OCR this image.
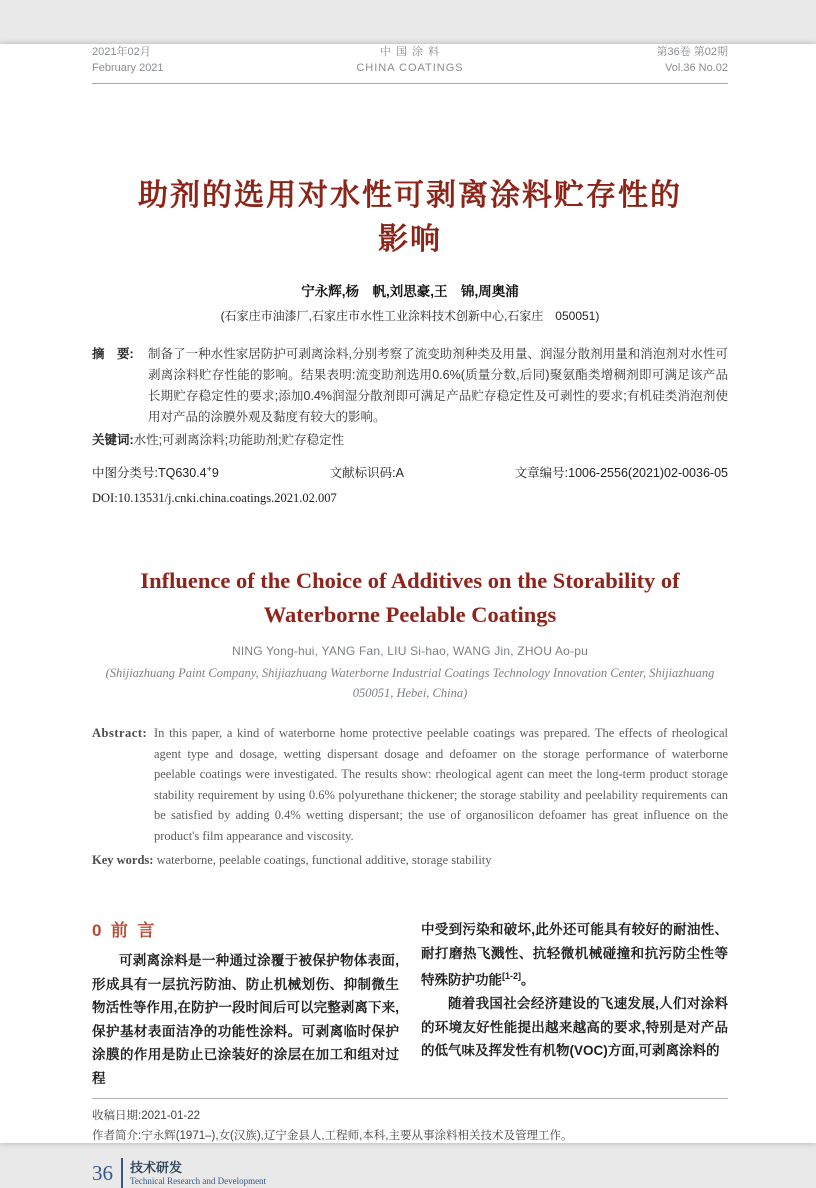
2021年02月
February 2021
中 国 涂 料
CHINA COATINGS
第36卷 第02期
Vol.36 No.02
助剂的选用对水性可剥离涂料贮存性的
影响
宁永辉,杨　帆,刘思豪,王　锦,周奥浦
(石家庄市油漆厂,石家庄市水性工业涂料技术创新中心,石家庄　050051)
摘　要:	制备了一种水性家居防护可剥离涂料,分别考察了流变助剂种类及用量、润湿分散剂用量和消泡剂对水性可剥离涂料贮存性能的影响。结果表明:流变助剂选用0.6%(质量分数,后同)聚氨酯类增稠剂即可满足该产品长期贮存稳定性的要求;添加0.4%润湿分散剂即可满足产品贮存稳定性及可剥性的要求;有机硅类消泡剂使用对产品的涂膜外观及黏度有较大的影响。
关键词:水性;可剥离涂料;功能助剂;贮存稳定性
中图分类号:TQ630.4+9	文献标识码:A	文章编号:1006-2556(2021)02-0036-05
DOI:10.13531/j.cnki.china.coatings.2021.02.007
Influence of the Choice of Additives on the Storability of
Waterborne Peelable Coatings
NING Yong-hui, YANG Fan, LIU Si-hao, WANG Jin, ZHOU Ao-pu
(Shijiazhuang Paint Company, Shijiazhuang Waterborne Industrial Coatings Technology Innovation Center, Shijiazhuang 050051, Hebei, China)
Abstract: In this paper, a kind of waterborne home protective peelable coatings was prepared. The effects of rheological agent type and dosage, wetting dispersant dosage and defoamer on the storage performance of waterborne peelable coatings were investigated. The results show: rheological agent can meet the long-term product storage stability requirement by using 0.6% polyurethane thickener; the storage stability and peelability requirements can be satisfied by adding 0.4% wetting dispersant; the use of organosilicon defoamer has great influence on the product's film appearance and viscosity.
Key words: waterborne, peelable coatings, functional additive, storage stability
0  前  言

可剥离涂料是一种通过涂覆于被保护物体表面,形成具有一层抗污防油、防止机械划伤、抑制微生物活性等作用,在防护一段时间后可以完整剥离下来,保护基材表面洁净的功能性涂料。可剥离临时保护涂膜的作用是防止已涂装好的涂层在加工和组对过程

中受到污染和破坏,此外还可能具有较好的耐油性、耐打磨热飞溅性、抗轻微机械碰撞和抗污防尘性等特殊防护功能[1-2]。

随着我国社会经济建设的飞速发展,人们对涂料的环境友好性能提出越来越高的要求,特别是对产品的低气味及挥发性有机物(VOC)方面,可剥离涂料的

收稿日期:2021-01-22
作者简介:宁永辉(1971–),女(汉族),辽宁金县人,工程师,本科,主要从事涂料相关技术及管理工作。
36 技术研发
Technical Research and Development
